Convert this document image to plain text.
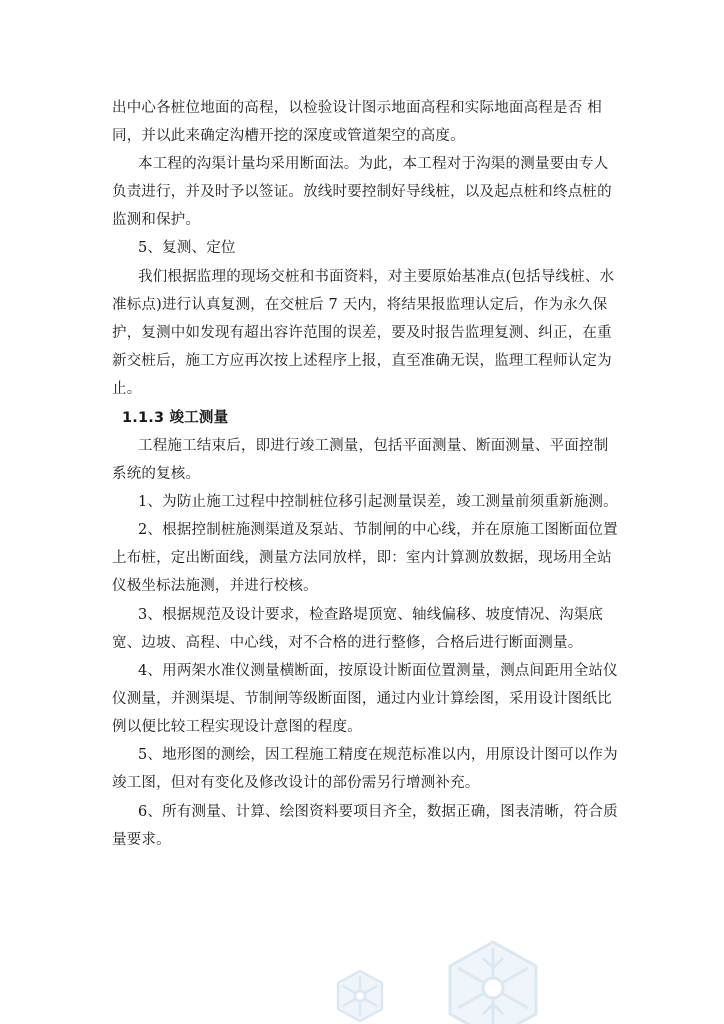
出中心各桩位地面的高程，以检验设计图示地面高程和实际地面高程是否 相
同，并以此来确定沟槽开挖的深度或管道架空的高度。
本工程的沟渠计量均采用断面法。为此，本工程对于沟渠的测量要由专人
负责进行，并及时予以签证。放线时要控制好导线桩，以及起点桩和终点桩的
监测和保护。
5、复测、定位
我们根据监理的现场交桩和书面资料，对主要原始基准点(包括导线桩、水
准标点)进行认真复测，在交桩后 7 天内，将结果报监理认定后，作为永久保
护，复测中如发现有超出容许范围的误差，要及时报告监理复测、纠正，在重
新交桩后，施工方应再次按上述程序上报，直至准确无误，监理工程师认定为
止。
1.1.3 竣工测量
工程施工结束后，即进行竣工测量，包括平面测量、断面测量、平面控制
系统的复核。
1、为防止施工过程中控制桩位移引起测量误差，竣工测量前须重新施测。
2、根据控制桩施测渠道及泵站、节制闸的中心线，并在原施工图断面位置
上布桩，定出断面线，测量方法同放样，即：室内计算测放数据，现场用全站
仪极坐标法施测，并进行校核。
3、根据规范及设计要求，检查路堤顶宽、轴线偏移、坡度情况、沟渠底
宽、边坡、高程、中心线，对不合格的进行整修，合格后进行断面测量。
4、用两架水准仪测量横断面，按原设计断面位置测量，测点间距用全站仪
仪测量，并测渠堤、节制闸等级断面图，通过内业计算绘图，采用设计图纸比
例以便比较工程实现设计意图的程度。
5、地形图的测绘，因工程施工精度在规范标准以内，用原设计图可以作为
竣工图，但对有变化及修改设计的部份需另行增测补充。
6、所有测量、计算、绘图资料要项目齐全，数据正确，图表清晰，符合质
量要求。
